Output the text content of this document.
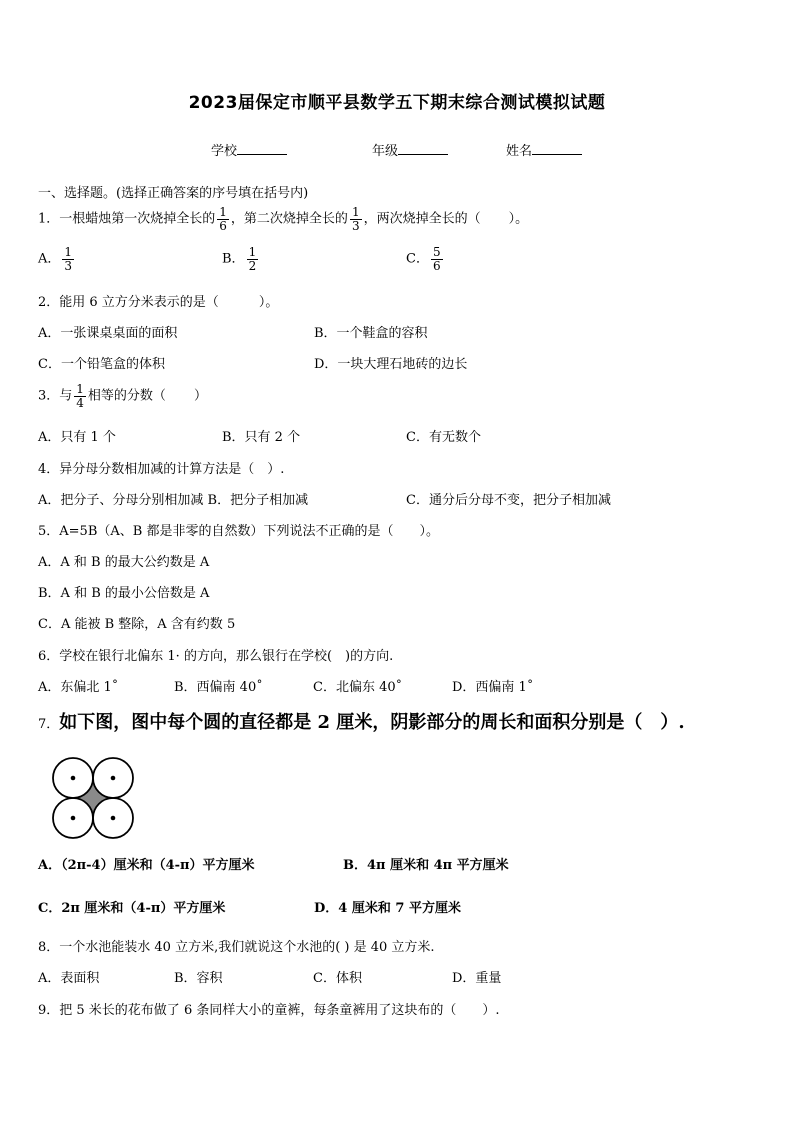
2023届保定市顺平县数学五下期末综合测试模拟试题
学校	年级	姓名
一、选择题。(选择正确答案的序号填在括号内)
1．一根蜡烛第一次烧掉全长的 $\frac{1}{6}$ ，第二次烧掉全长的 $\frac{1}{3}$ ，两次烧掉全长的（ ）。
A． $\frac{1}{3}$	B． $\frac{1}{2}$	C． $\frac{5}{6}$
2．能用 6 立方分米表示的是（	）。
A．一张课桌桌面的面积	B．一个鞋盒的容积
C．一个铅笔盒的体积	D．一块大理石地砖的边长
3．与 $\frac{1}{4}$ 相等的分数（ ）
A．只有 1 个	B．只有 2 个	C．有无数个
4．异分母分数相加减的计算方法是（　）.
A．把分子、分母分别相加减 B．把分子相加减	C．通分后分母不变，把分子相加减
5．A=5B（A、B 都是非零的自然数）下列说法不正确的是（　　）。
A．A 和 B 的最大公约数是 A
B．A 和 B 的最小公倍数是 A
C．A 能被 B 整除，A 含有约数 5
6．学校在银行北偏东 1· 的方向，那么银行在学校(　)的方向.
A．东偏北 1˚	B．西偏南 40˚	C．北偏东 40˚	D．西偏南 1˚
7．如下图，图中每个圆的直径都是 2 厘米，阴影部分的周长和面积分别是（　）.
A．（2π-4）厘米和（4-π）平方厘米	B．4π 厘米和 4π 平方厘米
C．2π 厘米和（4-π）平方厘米	D．4 厘米和 7 平方厘米
8．一个水池能装水 40 立方米,我们就说这个水池的( ) 是 40 立方米.
A．表面积	B．容积	C．体积	D．重量
9．把 5 米长的花布做了 6 条同样大小的童裤，每条童裤用了这块布的（　　）.
